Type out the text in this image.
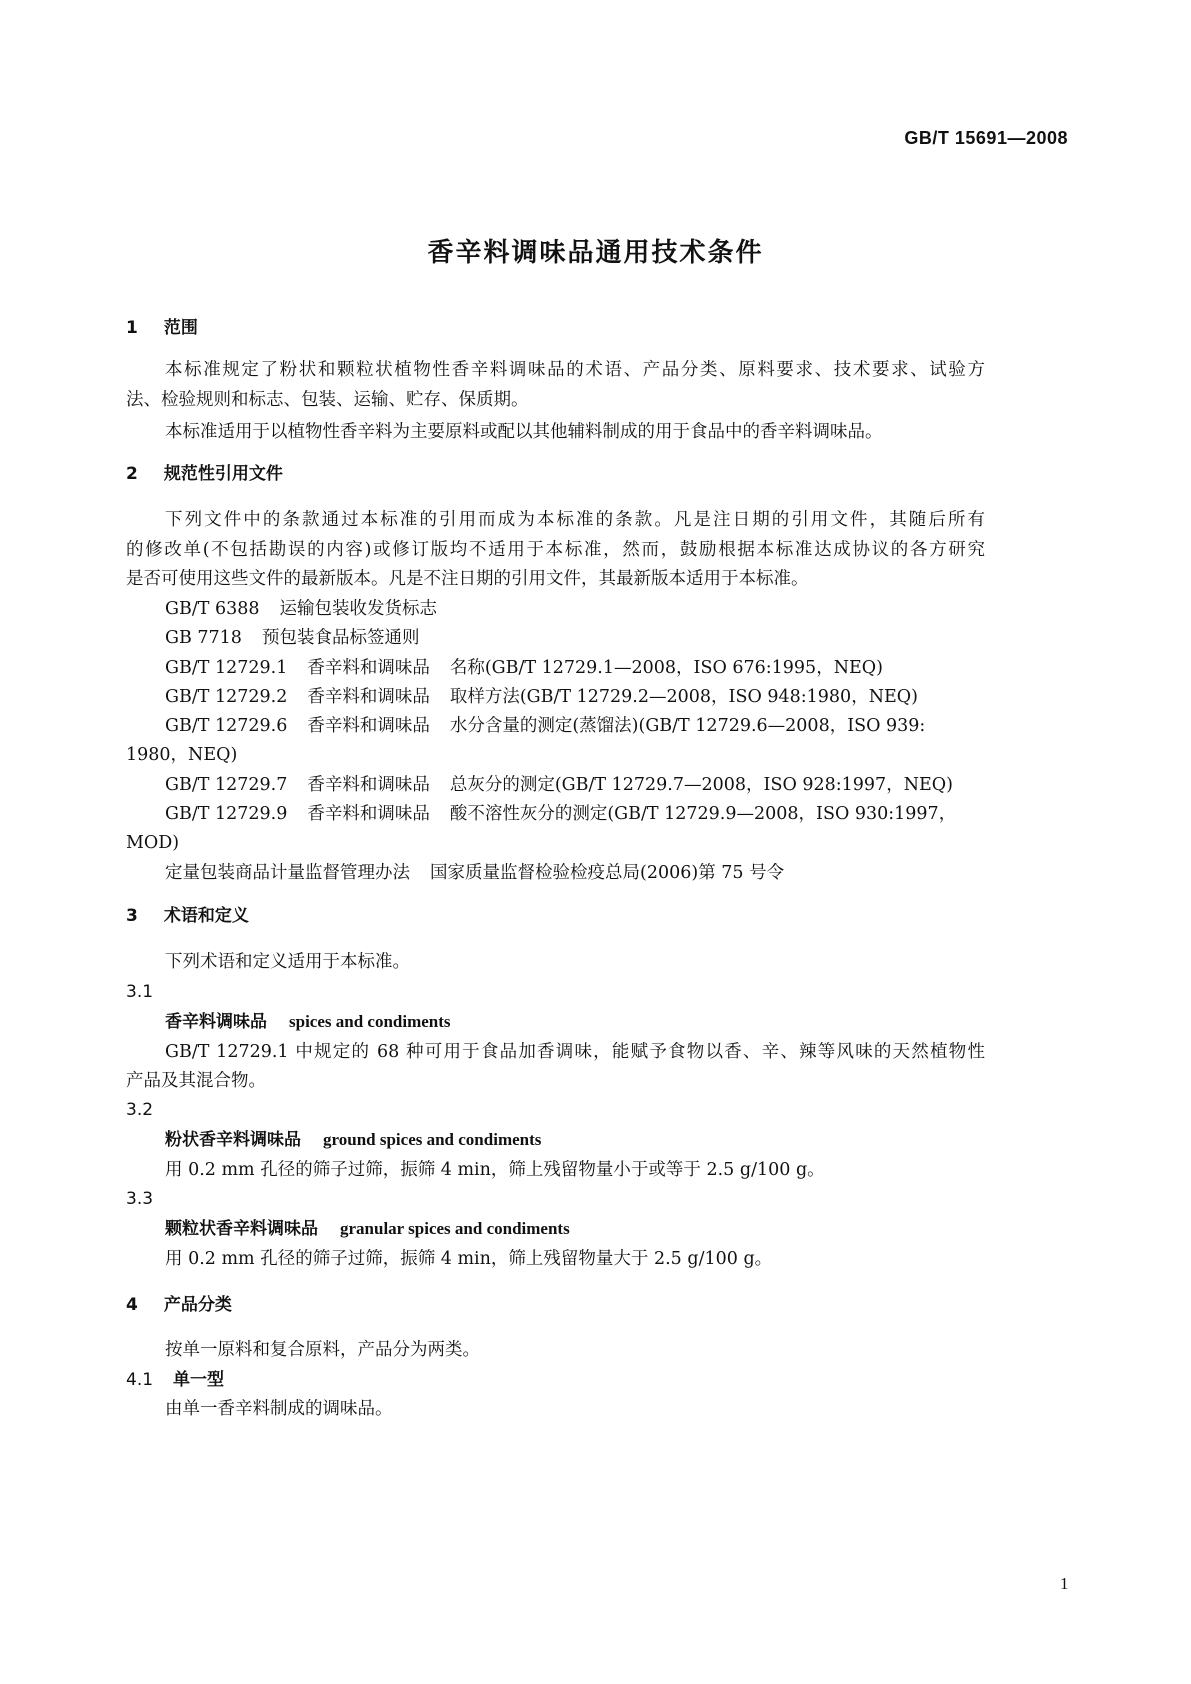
GB/T 15691—2008
香辛料调味品通用技术条件
1 范围
本标准规定了粉状和颗粒状植物性香辛料调味品的术语、产品分类、原料要求、技术要求、试验方
法、检验规则和标志、包装、运输、贮存、保质期。
本标准适用于以植物性香辛料为主要原料或配以其他辅料制成的用于食品中的香辛料调味品。
2 规范性引用文件
下列文件中的条款通过本标准的引用而成为本标准的条款。凡是注日期的引用文件，其随后所有
的修改单(不包括勘误的内容)或修订版均不适用于本标准，然而，鼓励根据本标准达成协议的各方研究
是否可使用这些文件的最新版本。凡是不注日期的引用文件，其最新版本适用于本标准。
GB/T 6388 运输包装收发货标志
GB 7718 预包装食品标签通则
GB/T 12729.1 香辛料和调味品 名称(GB/T 12729.1—2008，ISO 676:1995，NEQ)
GB/T 12729.2 香辛料和调味品 取样方法(GB/T 12729.2—2008，ISO 948:1980，NEQ)
GB/T 12729.6 香辛料和调味品 水分含量的测定(蒸馏法)(GB/T 12729.6—2008，ISO 939:
1980，NEQ)
GB/T 12729.7 香辛料和调味品 总灰分的测定(GB/T 12729.7—2008，ISO 928:1997，NEQ)
GB/T 12729.9 香辛料和调味品 酸不溶性灰分的测定(GB/T 12729.9—2008，ISO 930:1997，
MOD)
定量包装商品计量监督管理办法 国家质量监督检验检疫总局(2006)第 75 号令
3 术语和定义
下列术语和定义适用于本标准。
3.1
香辛料调味品 spices and condiments
GB/T 12729.1 中规定的 68 种可用于食品加香调味，能赋予食物以香、辛、辣等风味的天然植物性
产品及其混合物。
3.2
粉状香辛料调味品 ground spices and condiments
用 0.2 mm 孔径的筛子过筛，振筛 4 min，筛上残留物量小于或等于 2.5 g/100 g。
3.3
颗粒状香辛料调味品 granular spices and condiments
用 0.2 mm 孔径的筛子过筛，振筛 4 min，筛上残留物量大于 2.5 g/100 g。
4 产品分类
按单一原料和复合原料，产品分为两类。
4.1 单一型
由单一香辛料制成的调味品。
1
